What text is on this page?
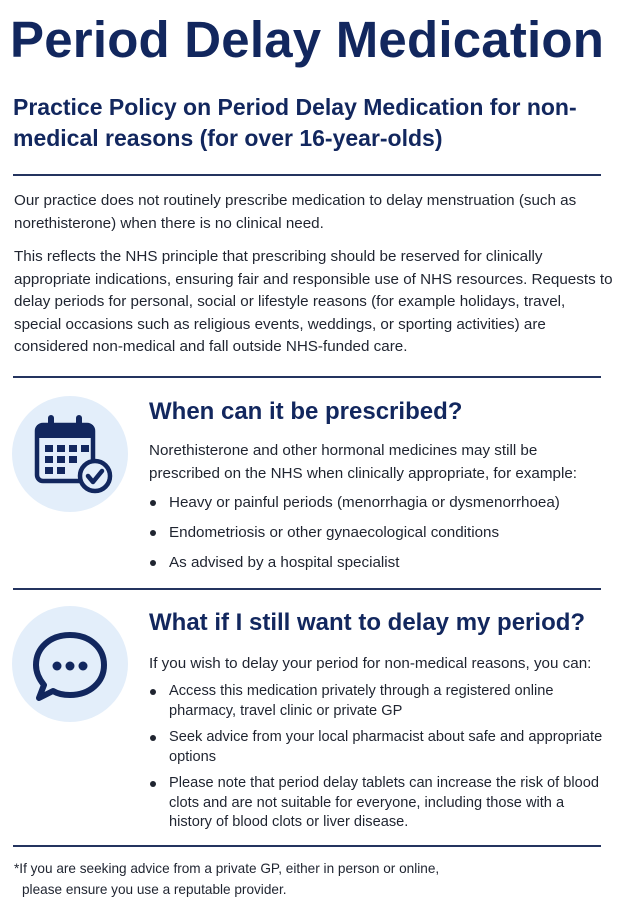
Period Delay Medication
Practice Policy on Period Delay Medication for non-medical reasons (for over 16-year-olds)

Our practice does not routinely prescribe medication to delay menstruation (such as norethisterone) when there is no clinical need.

This reflects the NHS principle that prescribing should be reserved for clinically appropriate indications, ensuring fair and responsible use of NHS resources. Requests to delay periods for personal, social or lifestyle reasons (for example holidays, travel, special occasions such as religious events, weddings, or sporting activities) are considered non-medical and fall outside NHS-funded care.

When can it be prescribed?

Norethisterone and other hormonal medicines may still be prescribed on the NHS when clinically appropriate, for example:

Heavy or painful periods (menorrhagia or dysmenorrhoea)
Endometriosis or other gynaecological conditions
As advised by a hospital specialist
What if I still want to delay my period?

If you wish to delay your period for non-medical reasons, you can:

Access this medication privately through a registered online pharmacy, travel clinic or private GP
Seek advice from your local pharmacist about safe and appropriate options
Please note that period delay tablets can increase the risk of blood clots and are not suitable for everyone, including those with a history of blood clots or liver disease.

*If you are seeking advice from a private GP, either in person or online,
please ensure you use a reputable provider.
